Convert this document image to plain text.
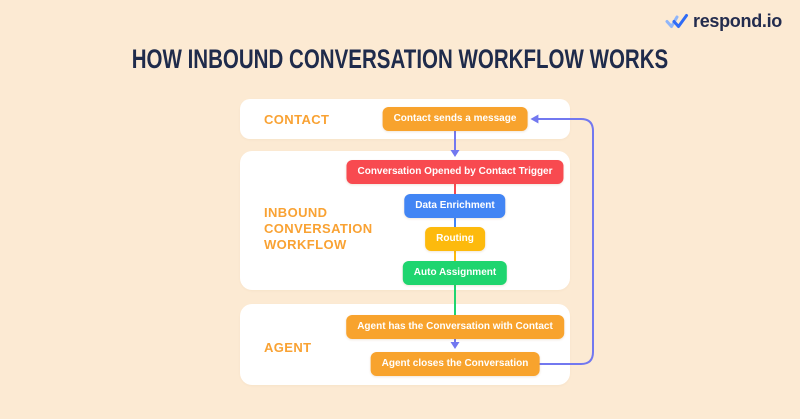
respond.io
HOW INBOUND CONVERSATION WORKFLOW WORKS
CONTACT
INBOUND CONVERSATION WORKFLOW
AGENT
Contact sends a message
Conversation Opened by Contact Trigger
Data Enrichment
Routing
Auto Assignment
Agent has the Conversation with Contact
Agent closes the Conversation
